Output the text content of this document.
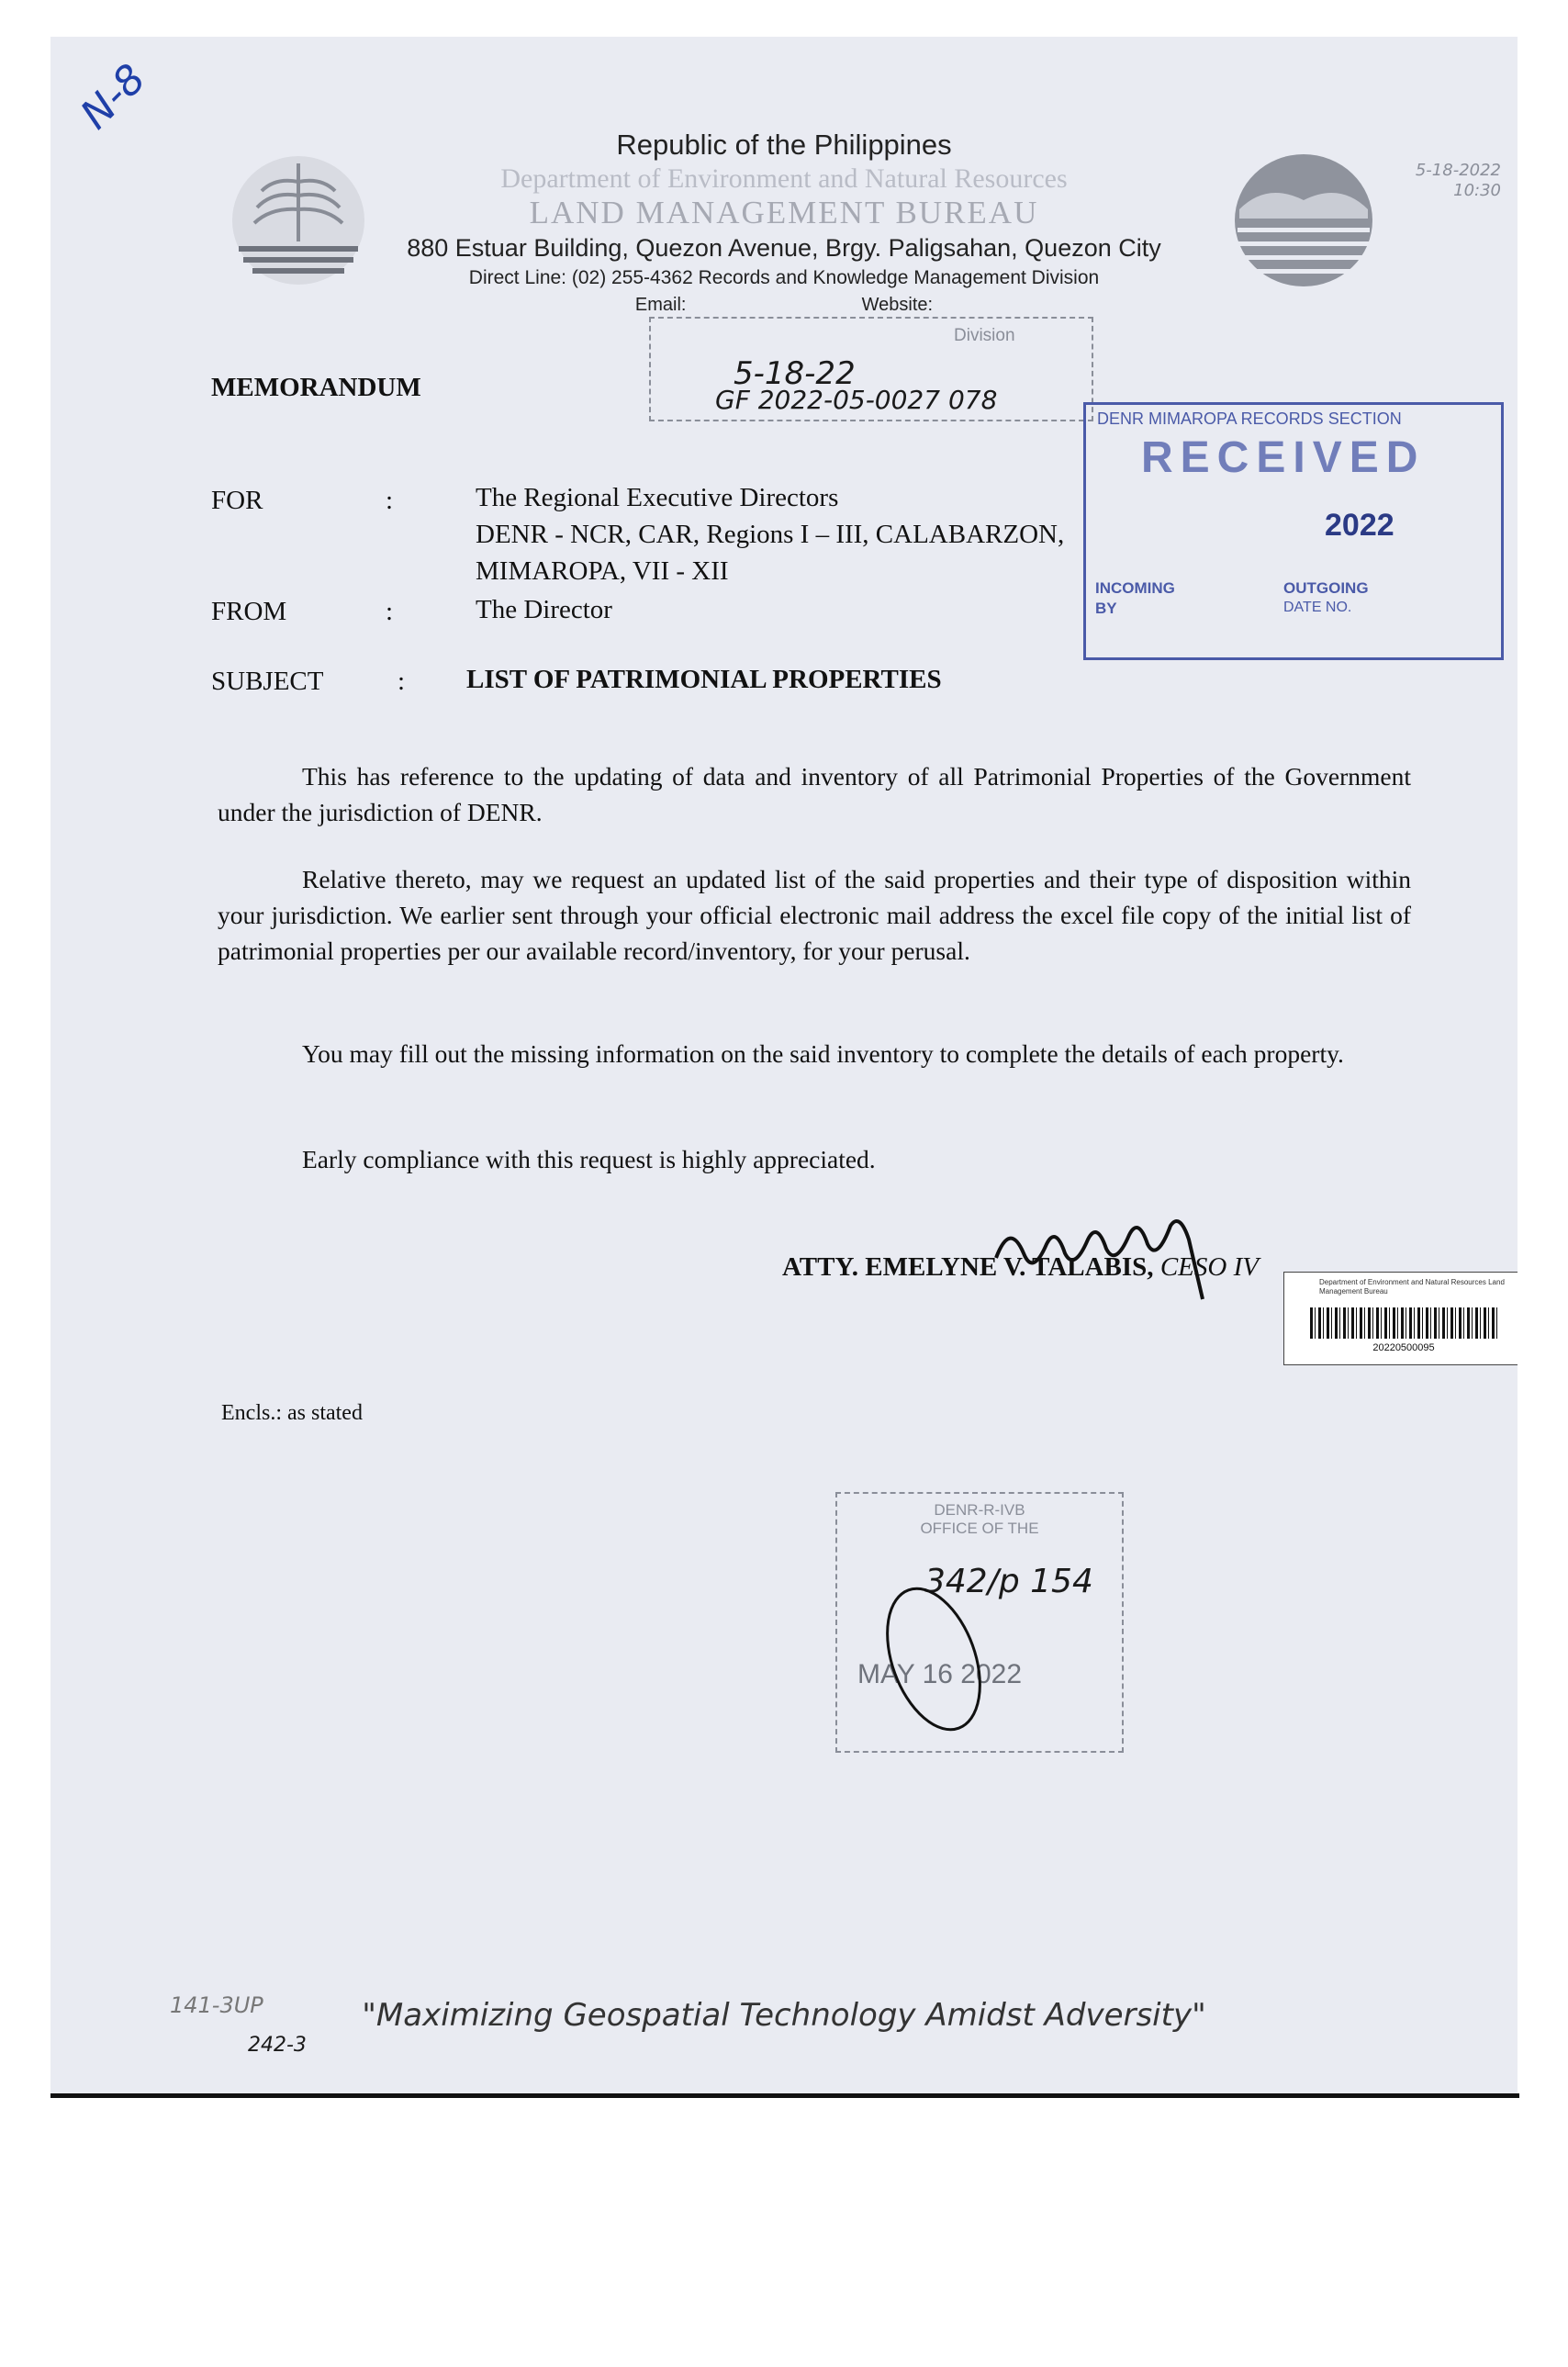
Republic of the Philippines
Department of Environment and Natural Resources
LAND MANAGEMENT BUREAU
880 Estuar Building, Quezon Avenue, Brgy. Paligsahan, Quezon City
Direct Line: (02) 255-4362 Records and Knowledge Management Division
Email:	Website:
Division
5-18-22
GF 2022-05-0027 078
DENR MIMAROPA RECORDS SECTION
RECEIVED
2022
INCOMING
BY
OUTGOING
DATE NO.
MEMORANDUM
FOR	:	The Regional Executive Directors
DENR - NCR, CAR, Regions I – III, CALABARZON,
MIMAROPA, VII - XII
FROM	:	The Director
SUBJECT	: LIST OF PATRIMONIAL PROPERTIES

This has reference to the updating of data and inventory of all Patrimonial Properties of the Government under the jurisdiction of DENR.

Relative thereto, may we request an updated list of the said properties and their type of disposition within your jurisdiction. We earlier sent through your official electronic mail address the excel file copy of the initial list of patrimonial properties per our available record/inventory, for your perusal.

You may fill out the missing information on the said inventory to complete the details of each property.

Early compliance with this request is highly appreciated.

ATTY. EMELYNE V. TALABIS, CESO IV
Department of Environment and Natural Resources Land Management Bureau
20220500095
Encls.: as stated
DENR-R-IVB
OFFICE OF THE
342/p 154
MAY 16 2022
N-8
5-18-2022 10:30
141-3UP
242-3
"Maximizing Geospatial Technology Amidst Adversity"
